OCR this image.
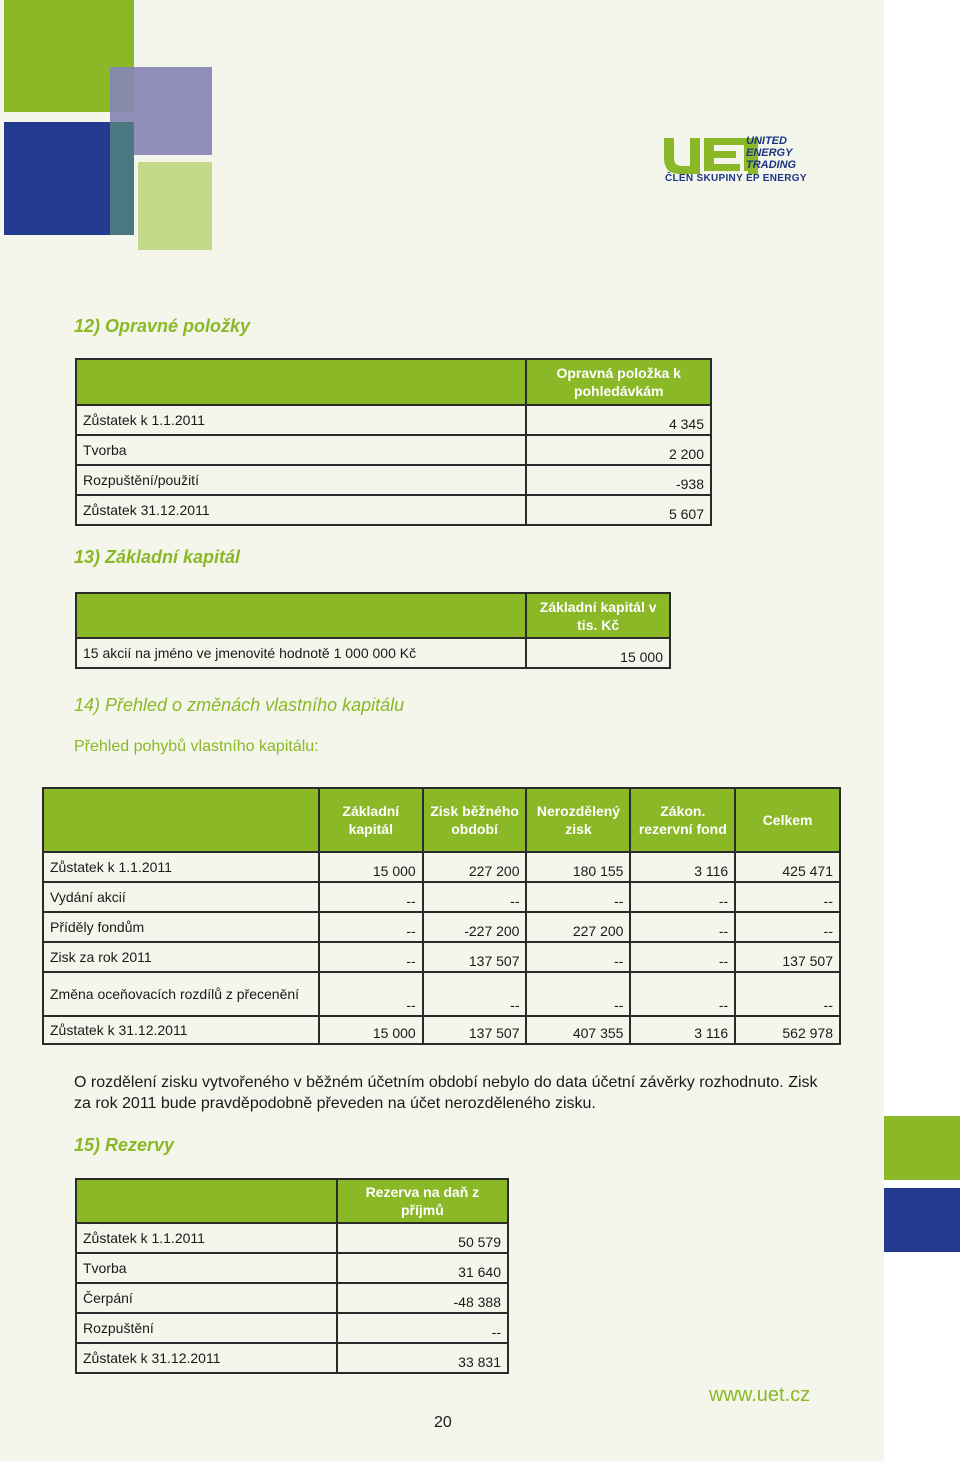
UNITED
ENERGY
TRADING
ČLEN SKUPINY EP ENERGY
12) Opravné položky
	Opravná položka k pohledávkám
Zůstatek k 1.1.2011	4 345
Tvorba	2 200
Rozpuštění/použití	-938
Zůstatek 31.12.2011	5 607
13) Základní kapitál
	Základní kapitál v tis. Kč
15 akcií na jméno ve jmenovité hodnotě 1 000 000 Kč	15 000
14) Přehled o změnách vlastního kapitálu
Přehled pohybů vlastního kapitálu:
	Základní kapitál	Zisk běžného období	Nerozdělený zisk	Zákon. rezervní fond	Celkem
Zůstatek k 1.1.2011	15 000	227 200	180 155	3 116	425 471
Vydání akcií	--	--	--	--	--
Příděly fondům	--	-227 200	227 200	--	--
Zisk za rok 2011	--	137 507	--	--	137 507
Změna oceňovacích rozdílů z přecenění	--	--	--	--	--
Zůstatek k 31.12.2011	15 000	137 507	407 355	3 116	562 978
O rozdělení zisku vytvořeného v běžném účetním období nebylo do data účetní závěrky rozhodnuto. Zisk za rok 2011 bude pravděpodobně převeden na účet nerozděleného zisku.
15) Rezervy
	Rezerva na daň z příjmů
Zůstatek k 1.1.2011	50 579
Tvorba	31 640
Čerpání	-48 388
Rozpuštění	--
Zůstatek k 31.12.2011	33 831
20
www.uet.cz
